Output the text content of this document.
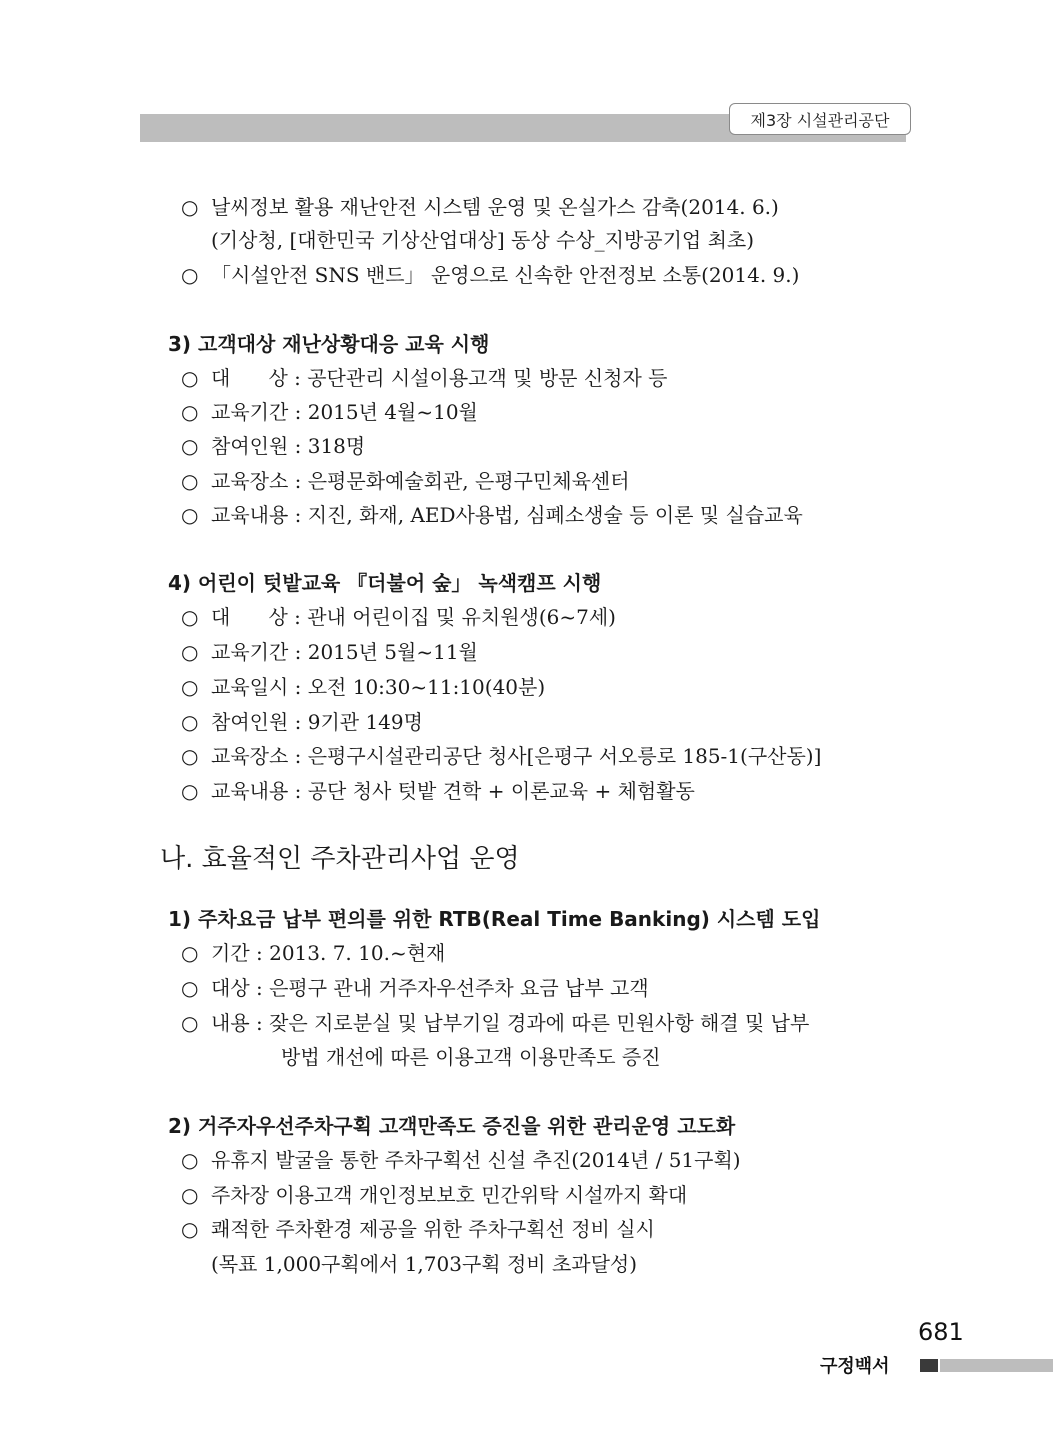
제3장 시설관리공단
○ 날씨정보 활용 재난안전 시스템 운영 및 온실가스 감축(2014. 6.)
(기상청, [대한민국 기상산업대상] 동상 수상_지방공기업 최초)
○ 「시설안전 SNS 밴드」 운영으로 신속한 안전정보 소통(2014. 9.)
3) 고객대상 재난상황대응 교육 시행
○ 대      상 : 공단관리 시설이용고객 및 방문 신청자 등
○ 교육기간 : 2015년 4월~10월
○ 참여인원 : 318명
○ 교육장소 : 은평문화예술회관, 은평구민체육센터
○ 교육내용 : 지진, 화재, AED사용법, 심폐소생술 등 이론 및 실습교육
4) 어린이 텃밭교육 『더불어 숲」 녹색캠프 시행
○ 대      상 : 관내 어린이집 및 유치원생(6~7세)
○ 교육기간 : 2015년 5월~11월
○ 교육일시 : 오전 10:30~11:10(40분)
○ 참여인원 : 9기관 149명
○ 교육장소 : 은평구시설관리공단 청사[은평구 서오릉로 185-1(구산동)]
○ 교육내용 : 공단 청사 텃밭 견학 + 이론교육 + 체험활동
나. 효율적인 주차관리사업 운영
1) 주차요금 납부 편의를 위한 RTB(Real Time Banking) 시스템 도입
○ 기간 : 2013. 7. 10.~현재
○ 대상 : 은평구 관내 거주자우선주차 요금 납부 고객
○ 내용 : 잦은 지로분실 및 납부기일 경과에 따른 민원사항 해결 및 납부
방법 개선에 따른 이용고객 이용만족도 증진
2) 거주자우선주차구획 고객만족도 증진을 위한 관리운영 고도화
○ 유휴지 발굴을 통한 주차구획선 신설 추진(2014년 / 51구획)
○ 주차장 이용고객 개인정보보호 민간위탁 시설까지 확대
○ 쾌적한 주차환경 제공을 위한 주차구획선 정비 실시
(목표 1,000구획에서 1,703구획 정비 초과달성)
681
구정백서
